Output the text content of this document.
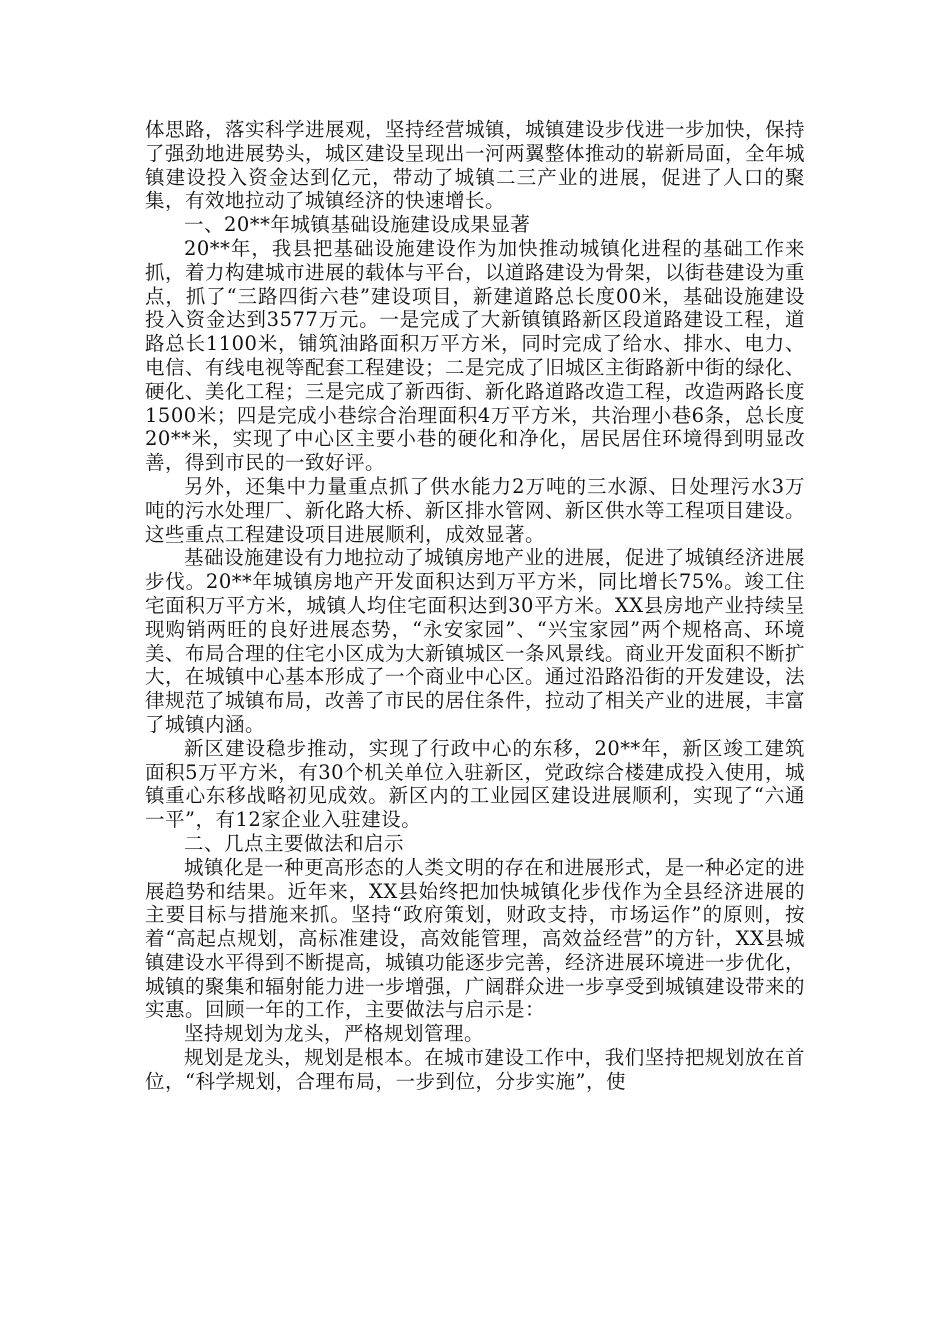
体思路，落实科学进展观，坚持经营城镇，城镇建设步伐进一步加快，保持了强劲地进展势头，城区建设呈现出一河两翼整体推动的崭新局面，全年城镇建设投入资金达到亿元，带动了城镇二三产业的进展，促进了人口的聚集，有效地拉动了城镇经济的快速增长。

一、20**年城镇基础设施建设成果显著

20**年，我县把基础设施建设作为加快推动城镇化进程的基础工作来抓，着力构建城市进展的载体与平台，以道路建设为骨架，以街巷建设为重点，抓了“三路四街六巷”建设项目，新建道路总长度00米，基础设施建设投入资金达到3577万元。一是完成了大新镇镇路新区段道路建设工程，道路总长1100米，铺筑油路面积万平方米，同时完成了给水、排水、电力、电信、有线电视等配套工程建设；二是完成了旧城区主街路新中街的绿化、硬化、美化工程；三是完成了新西街、新化路道路改造工程，改造两路长度1500米；四是完成小巷综合治理面积4万平方米，共治理小巷6条，总长度20**米，实现了中心区主要小巷的硬化和净化，居民居住环境得到明显改善，得到市民的一致好评。

另外，还集中力量重点抓了供水能力2万吨的三水源、日处理污水3万吨的污水处理厂、新化路大桥、新区排水管网、新区供水等工程项目建设。这些重点工程建设项目进展顺利，成效显著。

基础设施建设有力地拉动了城镇房地产业的进展，促进了城镇经济进展步伐。20**年城镇房地产开发面积达到万平方米，同比增长75%。竣工住宅面积万平方米，城镇人均住宅面积达到30平方米。XX县房地产业持续呈现购销两旺的良好进展态势，“永安家园”、“兴宝家园”两个规格高、环境美、布局合理的住宅小区成为大新镇城区一条风景线。商业开发面积不断扩大，在城镇中心基本形成了一个商业中心区。通过沿路沿街的开发建设，法律规范了城镇布局，改善了市民的居住条件，拉动了相关产业的进展，丰富了城镇内涵。

新区建设稳步推动，实现了行政中心的东移，20**年，新区竣工建筑面积5万平方米，有30个机关单位入驻新区，党政综合楼建成投入使用，城镇重心东移战略初见成效。新区内的工业园区建设进展顺利，实现了“六通一平”，有12家企业入驻建设。

二、几点主要做法和启示

城镇化是一种更高形态的人类文明的存在和进展形式，是一种必定的进展趋势和结果。近年来，XX县始终把加快城镇化步伐作为全县经济进展的主要目标与措施来抓。坚持“政府策划，财政支持，市场运作”的原则，按着“高起点规划，高标准建设，高效能管理，高效益经营”的方针，XX县城镇建设水平得到不断提高，城镇功能逐步完善，经济进展环境进一步优化，城镇的聚集和辐射能力进一步增强，广阔群众进一步享受到城镇建设带来的实惠。回顾一年的工作，主要做法与启示是：

坚持规划为龙头，严格规划管理。

规划是龙头，规划是根本。在城市建设工作中，我们坚持把规划放在首位，“科学规划，合理布局，一步到位，分步实施”，使
